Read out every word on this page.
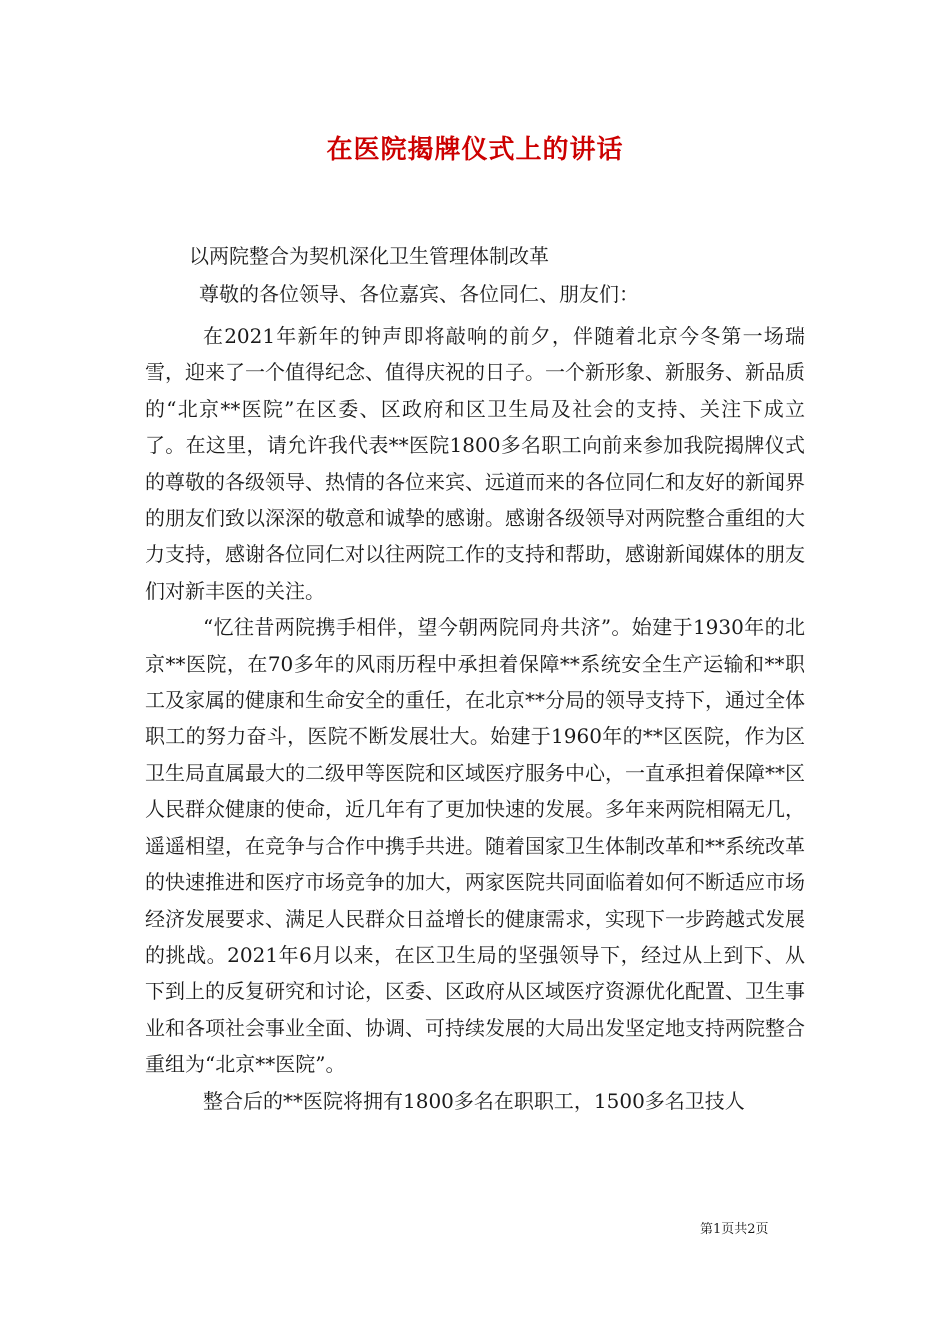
在医院揭牌仪式上的讲话
以两院整合为契机深化卫生管理体制改革
尊敬的各位领导、各位嘉宾、各位同仁、朋友们：

在2021年新年的钟声即将敲响的前夕，伴随着北京今冬第一场瑞雪，迎来了一个值得纪念、值得庆祝的日子。一个新形象、新服务、新品质的“北京**医院”在区委、区政府和区卫生局及社会的支持、关注下成立了。在这里，请允许我代表**医院1800多名职工向前来参加我院揭牌仪式的尊敬的各级领导、热情的各位来宾、远道而来的各位同仁和友好的新闻界的朋友们致以深深的敬意和诚挚的感谢。感谢各级领导对两院整合重组的大力支持，感谢各位同仁对以往两院工作的支持和帮助，感谢新闻媒体的朋友们对新丰医的关注。

“忆往昔两院携手相伴，望今朝两院同舟共济”。始建于1930年的北京**医院，在70多年的风雨历程中承担着保障**系统安全生产运输和**职工及家属的健康和生命安全的重任，在北京**分局的领导支持下，通过全体职工的努力奋斗，医院不断发展壮大。始建于1960年的**区医院，作为区卫生局直属最大的二级甲等医院和区域医疗服务中心，一直承担着保障**区人民群众健康的使命，近几年有了更加快速的发展。多年来两院相隔无几，遥遥相望，在竞争与合作中携手共进。随着国家卫生体制改革和**系统改革的快速推进和医疗市场竞争的加大，两家医院共同面临着如何不断适应市场经济发展要求、满足人民群众日益增长的健康需求，实现下一步跨越式发展的挑战。2021年6月以来，在区卫生局的坚强领导下，经过从上到下、从下到上的反复研究和讨论，区委、区政府从区域医疗资源优化配置、卫生事业和各项社会事业全面、协调、可持续发展的大局出发坚定地支持两院整合重组为“北京**医院”。

整合后的**医院将拥有1800多名在职职工，1500多名卫技人

第1页共2页
